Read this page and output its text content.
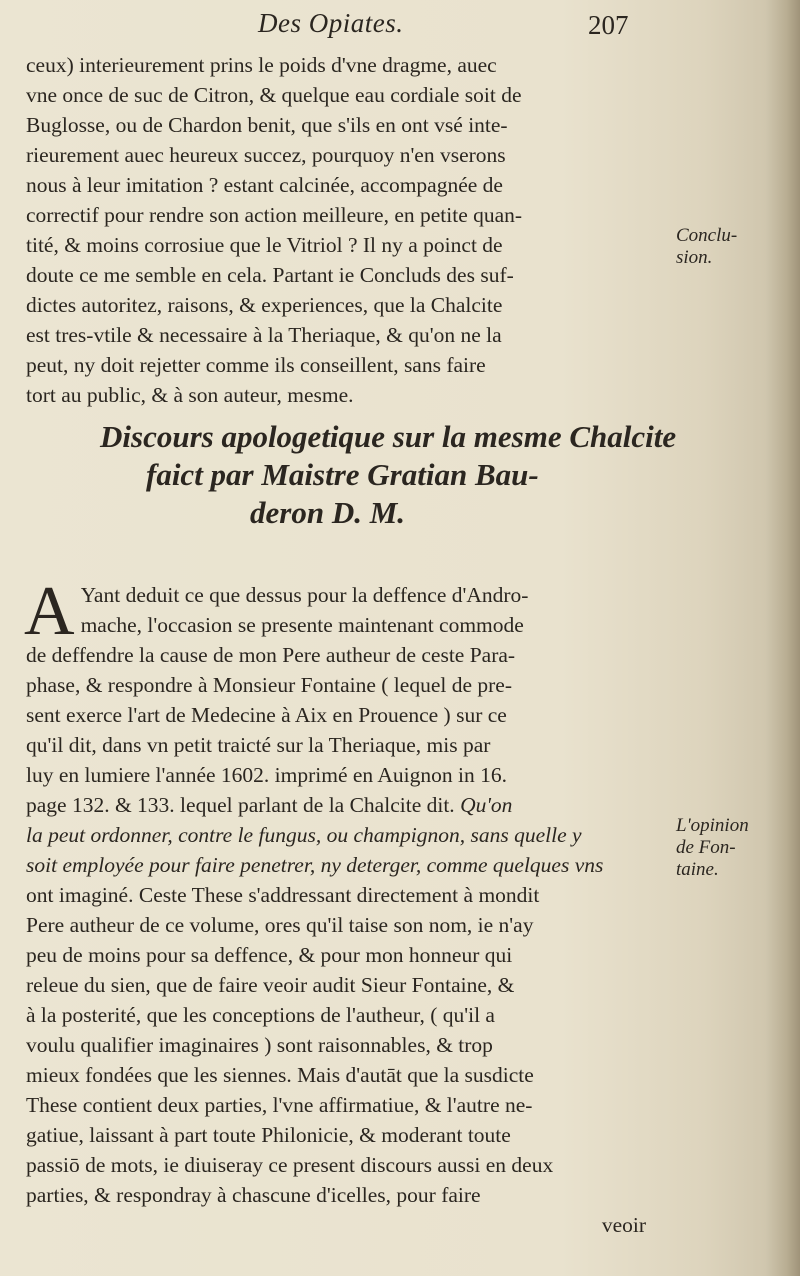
Des Opiates.	207
ceux) interieurement prins le poids d'vne dragme, auec
vne once de suc de Citron, & quelque eau cordiale soit de
Buglosse, ou de Chardon benit, que s'ils en ont vsé inte-
rieurement auec heureux succez, pourquoy n'en vserons
nous à leur imitation ? estant calcinée, accompagnée de
correctif pour rendre son action meilleure, en petite quan-
tité, & moins corrosiue que le Vitriol ? Il ny a poinct de
doute ce me semble en cela. Partant ie Concluds des suf-
dictes autoritez, raisons, & experiences, que la Chalcite
est tres-vtile & necessaire à la Theriaque, & qu'on ne la
peut, ny doit rejetter comme ils conseillent, sans faire
tort au public, & à son auteur, mesme.
Conclu-
sion.
Discours apologetique sur la mesme Chalcite
faict par Maistre Gratian Bau-
deron D. M.
A Yant deduit ce que dessus pour la deffence d'Andro-
mache, l'occasion se presente maintenant commode
de deffendre la cause de mon Pere autheur de ceste Para-
phase, & respondre à Monsieur Fontaine ( lequel de pre-
sent exerce l'art de Medecine à Aix en Prouence ) sur ce
qu'il dit, dans vn petit traicté sur la Theriaque, mis par
luy en lumiere l'année 1602. imprimé en Auignon in 16.
page 132. & 133. lequel parlant de la Chalcite dit. Qu'on
la peut ordonner, contre le fungus, ou champignon, sans quelle y
soit employée pour faire penetrer, ny deterger, comme quelques vns
ont imaginé. Ceste These s'addressant directement à mondit
Pere autheur de ce volume, ores qu'il taise son nom, ie n'ay
peu de moins pour sa deffence, & pour mon honneur qui
releue du sien, que de faire veoir audit Sieur Fontaine, &
à la posterité, que les conceptions de l'autheur, ( qu'il a
voulu qualifier imaginaires ) sont raisonnables, & trop
mieux fondées que les siennes. Mais d'autāt que la susdicte
These contient deux parties, l'vne affirmatiue, & l'autre ne-
gatiue, laissant à part toute Philonicie, & moderant toute
passiō de mots, ie diuiseray ce present discours aussi en deux
parties, & respondray à chascune d'icelles, pour faire
veoir
L'opinion
de Fon-
taine.
